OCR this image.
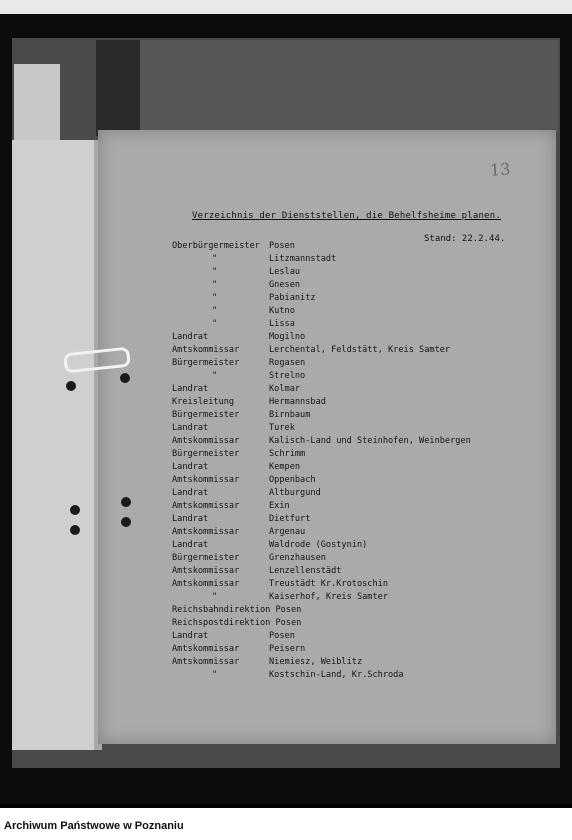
13
Verzeichnis der Dienststellen, die Behelfsheime planen.
Stand: 22.2.44.
Oberbürgermeister Posen
"	Litzmannstadt
"	Leslau
"	Gnesen
"	Pabianitz
"	Kutno
"	Lissa
Landrat	Mogilno
Amtskommissar	Lerchental, Feldstätt, Kreis Samter
Bürgermeister	Rogasen
"	Strelno
Landrat	Kolmar
Kreisleitung	Hermannsbad
Bürgermeister	Birnbaum
Landrat	Turek
Amtskommissar	Kalisch-Land und Steinhofen, Weinbergen
Bürgermeister	Schrimm
Landrat	Kempen
Amtskommissar	Oppenbach
Landrat	Altburgund
Amtskommissar	Exin
Landrat	Dietfurt
Amtskommissar	Argenau
Landrat	Waldrode (Gostynin)
Bürgermeister	Grenzhausen
Amtskommissar	Lenzellenstädt
Amtskommissar	Treustädt Kr.Krotoschin
"	Kaiserhof, Kreis Samter
Reichsbahndirektion Posen
Reichspostdirektion Posen
Landrat	Posen
Amtskommissar	Peisern
Amtskommissar	Niemiesz, Weiblitz
"	Kostschin-Land, Kr.Schroda
Archiwum Państwowe w Poznaniu
